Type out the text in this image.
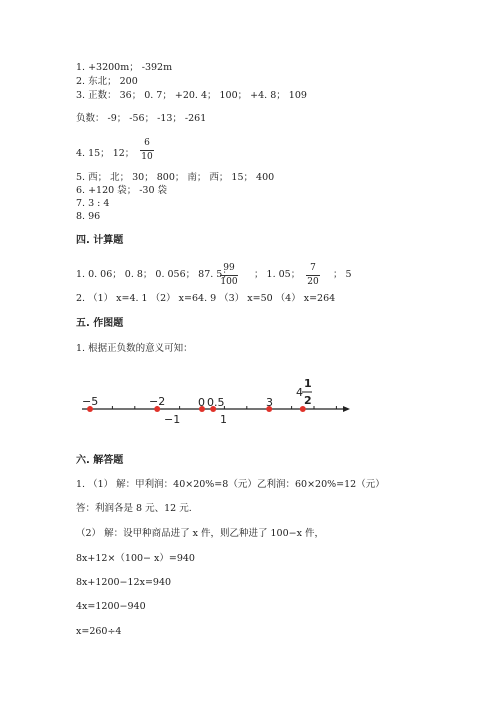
1. +3200m； -392m
2. 东北； 200
3. 正数： 36； 0. 7； +20. 4； 100； +4. 8； 109
负数： -9； -56； -13； -261
4. 15； 12；
6
10
5. 西； 北； 30； 800； 南； 西； 15； 400
6. +120 袋； -30 袋
7. 3 : 4
8. 96
四. 计算题
1. 0. 06； 0. 8； 0. 056； 87. 5；
99
100
； 1. 05；
7
20
； 5
2. （1） x=4. 1 （2） x=64. 9 （3） x=50 （4） x=264
五. 作图题
1. 根据正负数的意义可知：
−5	−2	0 0.5	3
4
1
2
−1	1
六. 解答题
1. （1） 解：甲利润：40×20%=8（元） 乙利润：60×20%=12（元）
答：利润各是 8 元、12 元.
（2） 解：设甲种商品进了 x 件，则乙种进了 100−x 件，
8x+12×（100− x）=940
8x+1200−12x=940
4x=1200−940
x=260÷4
